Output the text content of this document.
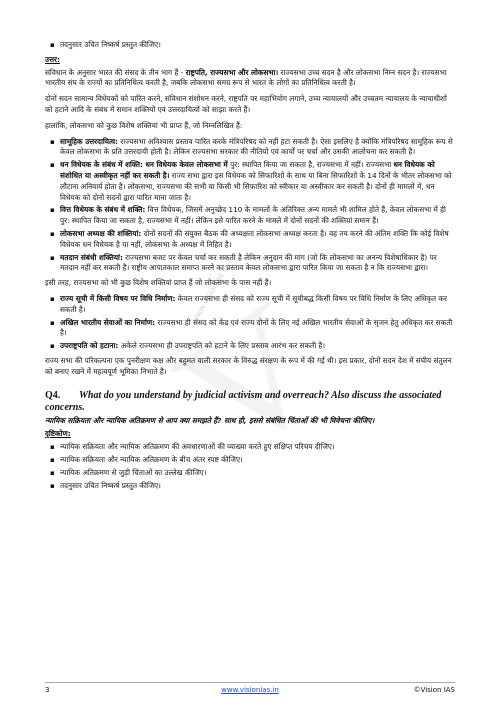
www.visionias.in
▪ तदनुसार उचित निष्कर्ष प्रस्तुत कीजिए।
उत्तर:

संविधान के अनुसार भारत की संसद के तीन भाग हैं - राष्ट्रपति, राज्यसभा और लोकसभा। राज्यसभा उच्च सदन है और लोकसभा निम्न सदन है। राज्यसभा भारतीय संघ के राज्यों का प्रतिनिधित्व करती है, जबकि लोकसभा समग्र रूप से भारत के लोगों का प्रतिनिधित्व करती है।

दोनों सदन सामान्य विधेयकों को पारित करने, संविधान संशोधन करने, राष्ट्रपति पर महाभियोग लगाने, उच्च न्यायालयों और उच्चतम न्यायालय के न्यायाधीशों को हटाने आदि के संबंध में समान शक्तियों एवं उत्तरदायित्वों को साझा करते हैं।

हालांकि, लोकसभा को कुछ विशेष शक्तियां भी प्राप्त हैं, जो निम्नलिखित हैं:

▪ सामूहिक उत्तरदायित्व: राज्यसभा अविश्वास प्रस्ताव पारित करके मंत्रिपरिषद को नहीं हटा सकती है। ऐसा इसलिए है क्योंकि मंत्रिपरिषद सामूहिक रूप से केवल लोकसभा के प्रति उत्तरदायी होती है। लेकिन राज्यसभा सरकार की नीतियों एवं कार्यों पर चर्चा और उसकी आलोचना कर सकती है।
▪ धन विधेयक के संबंध में शक्ति: धन विधेयक केवल लोकसभा में पुर: स्थापित किया जा सकता है, राज्यसभा में नहीं। राज्यसभा धन विधेयक को संशोधित या अस्वीकृत नहीं कर सकती है। राज्य सभा द्वारा इस विधेयक को सिफारिशों के साथ या बिना सिफारिशों के 14 दिनों के भीतर लोकसभा को लौटाना अनिवार्य होता है। लोकसभा, राज्यसभा की सभी या किसी भी सिफारिश को स्वीकार या अस्वीकार कर सकती है। दोनों ही मामलों में, धन विधेयक को दोनों सदनों द्वारा पारित माना जाता है।
▪ वित्त विधेयक के संबंध में शक्ति: वित्त विधेयक, जिसमें अनुच्छेद 110 के मामलों के अतिरिक्त अन्य मामले भी शामिल होते हैं, केवल लोकसभा में ही पुर: स्थापित किया जा सकता है, राज्यसभा में नहीं। लेकिन इसे पारित करने के मामले में दोनों सदनों की शक्तियां समान हैं।
▪ लोकसभा अध्यक्ष की शक्तियां: दोनों सदनों की संयुक्त बैठक की अध्यक्षता लोकसभा अध्यक्ष करता है। वह तय करने की अंतिम शक्ति कि कोई विशेष विधेयक धन विधेयक है या नहीं, लोकसभा के अध्यक्ष में निहित है।
▪ मतदान संबंधी शक्तियां: राज्यसभा बजट पर केवल चर्चा कर सकती है लेकिन अनुदान की मांग (जो कि लोकसभा का अनन्य विशेषाधिकार है) पर मतदान नहीं कर सकती है। राष्ट्रीय आपातकाल समाप्त करने का प्रस्ताव केवल लोकसभा द्वारा पारित किया जा सकता है न कि राज्यसभा द्वारा।

इसी तरह, राज्यसभा को भी कुछ विशेष शक्तियां प्राप्त हैं जो लोकसभा के पास नहीं हैं।

▪ राज्य सूची में किसी विषय पर विधि निर्माण: केवल राज्यसभा ही संसद को राज्य सूची में सूचीबद्ध किसी विषय पर विधि निर्माण के लिए अधिकृत कर सकती है।
▪ अखिल भारतीय सेवाओं का निर्माण: राज्यसभा ही संसद को केंद्र एवं राज्य दोनों के लिए नई अखिल भारतीय सेवाओं के सृजन हेतु अधिकृत कर सकती है।
▪ उपराष्ट्रपति को हटाना: अकेले राज्यसभा ही उपराष्ट्रपति को हटाने के लिए प्रस्ताव आरंभ कर सकती है।

राज्य सभा की परिकल्पना एक पुनरीक्षण कक्ष और बहुमत वाली सरकार के विरुद्ध संरक्षण के रूप में की गई थी। इस प्रकार, दोनों सदन देश में संघीय संतुलन को बनाए रखने में महत्वपूर्ण भूमिका निभाते हैं।

Q4. What do you understand by judicial activism and overreach? Also discuss the associated concerns.
न्यायिक सक्रियता और न्यायिक अतिक्रमण से आप क्या समझते हैं? साथ ही, इससे संबंधित चिंताओं की भी विवेचना कीजिए।
दृष्टिकोण:
▪ न्यायिक सक्रियता और न्यायिक अतिक्रमण की अवधारणाओं की व्याख्या करते हुए संक्षिप्त परिचय दीजिए।
▪ न्यायिक सक्रियता और न्यायिक अतिक्रमण के बीच अंतर स्पष्ट कीजिए।
▪ न्यायिक अतिक्रमण से जुड़ी चिंताओं का उल्लेख कीजिए।
▪ तदनुसार उचित निष्कर्ष प्रस्तुत कीजिए।
3	www.visionias.in	©Vision IAS
